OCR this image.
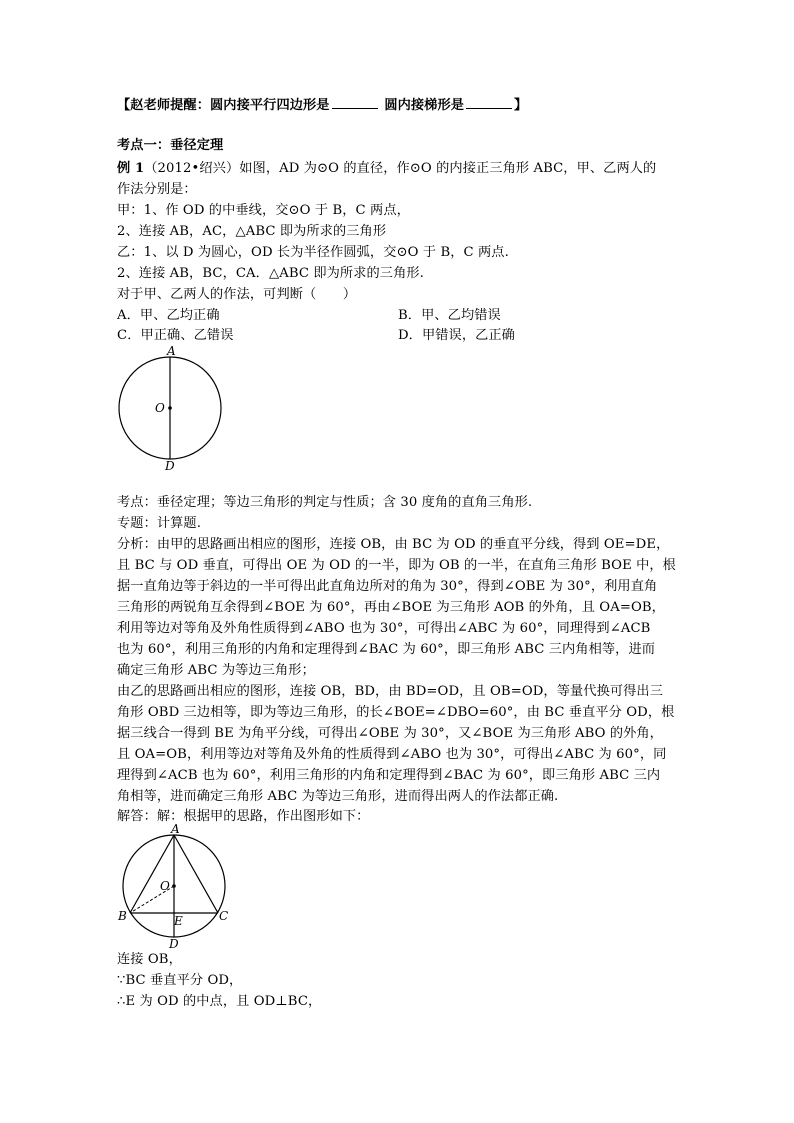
【赵老师提醒：圆内接平行四边形是	圆内接梯形是	】
考点一：垂径定理
例 1（2012•绍兴）如图，AD 为⊙O 的直径，作⊙O 的内接正三角形 ABC，甲、乙两人的
作法分别是：
甲：1、作 OD 的中垂线，交⊙O 于 B，C 两点，
2、连接 AB，AC，△ABC 即为所求的三角形
乙：1、以 D 为圆心，OD 长为半径作圆弧，交⊙O 于 B，C 两点.
2、连接 AB，BC，CA．△ABC 即为所求的三角形.
对于甲、乙两人的作法，可判断（　　）
A．甲、乙均正确	B．甲、乙均错误
C．甲正确、乙错误	D．甲错误，乙正确
A
O
D
考点：垂径定理；等边三角形的判定与性质；含 30 度角的直角三角形.
专题：计算题.
分析：由甲的思路画出相应的图形，连接 OB，由 BC 为 OD 的垂直平分线，得到 OE=DE，
且 BC 与 OD 垂直，可得出 OE 为 OD 的一半，即为 OB 的一半，在直角三角形 BOE 中，根
据一直角边等于斜边的一半可得出此直角边所对的角为 30°，得到∠OBE 为 30°，利用直角
三角形的两锐角互余得到∠BOE 为 60°，再由∠BOE 为三角形 AOB 的外角，且 OA=OB，
利用等边对等角及外角性质得到∠ABO 也为 30°，可得出∠ABC 为 60°，同理得到∠ACB
也为 60°，利用三角形的内角和定理得到∠BAC 为 60°，即三角形 ABC 三内角相等，进而
确定三角形 ABC 为等边三角形；
由乙的思路画出相应的图形，连接 OB，BD，由 BD=OD，且 OB=OD，等量代换可得出三
角形 OBD 三边相等，即为等边三角形，的长∠BOE=∠DBO=60°，由 BC 垂直平分 OD，根
据三线合一得到 BE 为角平分线，可得出∠OBE 为 30°，又∠BOE 为三角形 ABO 的外角，
且 OA=OB，利用等边对等角及外角的性质得到∠ABO 也为 30°，可得出∠ABC 为 60°，同
理得到∠ACB 也为 60°，利用三角形的内角和定理得到∠BAC 为 60°，即三角形 ABC 三内
角相等，进而确定三角形 ABC 为等边三角形，进而得出两人的作法都正确.
解答：解：根据甲的思路，作出图形如下：
A
O
B	E	C
D
连接 OB，
∵BC 垂直平分 OD，
∴E 为 OD 的中点，且 OD⊥BC，
